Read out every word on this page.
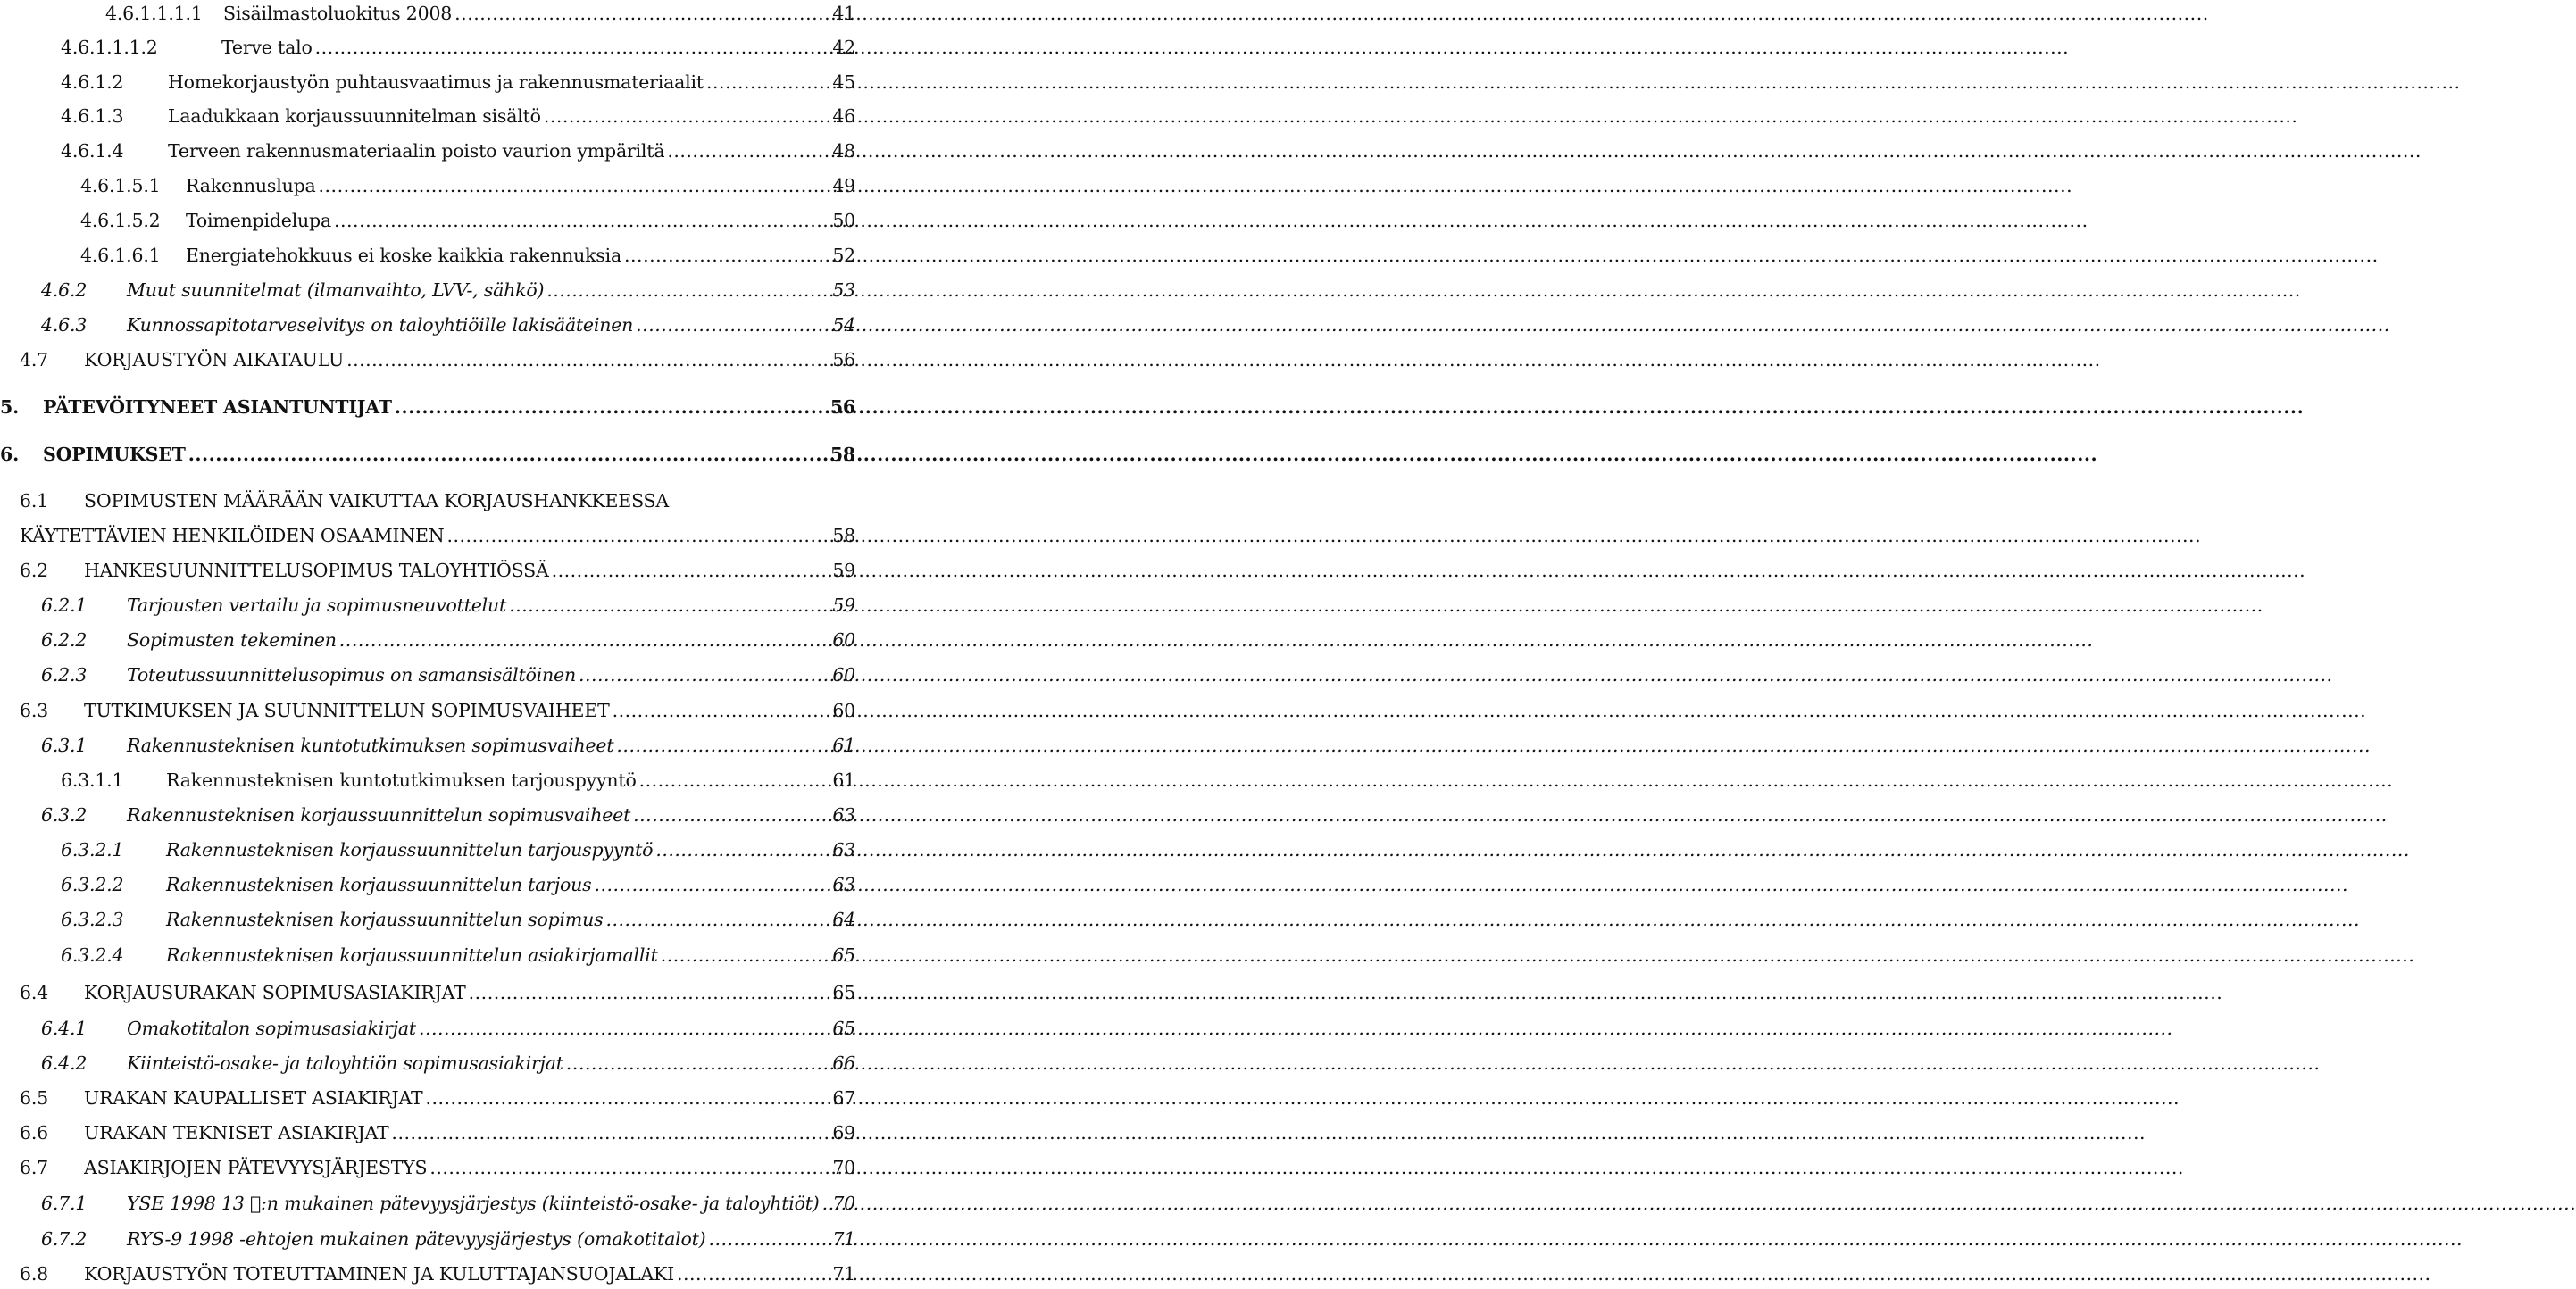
4.6.1.1.1.1	Sisäilmastoluokitus 2008 .....	41
4.6.1.1.1.2	Terve talo .....	42
4.6.1.2	Homekorjaustyön puhtausvaatimus ja rakennusmateriaalit .....	45
4.6.1.3	Laadukkaan korjaussuunnitelman sisältö .....	46
4.6.1.4	Terveen rakennusmateriaalin poisto vaurion ympäriltä .....	48
4.6.1.5.1	Rakennuslupa .....	49
4.6.1.5.2	Toimenpidelupa .....	50
4.6.1.6.1	Energiatehokkuus ei koske kaikkia rakennuksia .....	52
4.6.2	Muut suunnitelmat (ilmanvaihto, LVV-, sähkö) .....	53
4.6.3	Kunnossapitotarveselvitys on taloyhtiöille lakisääteinen .....	54
4.7	KORJAUSTYÖN AIKATAULU .....	56
5.	PÄTEVÖITYNEET ASIANTUNTIJAT .....	56
6.	SOPIMUKSET .....	58
6.1 SOPIMUSTEN MÄÄRÄÄN VAIKUTTAA KORJAUSHANKKEESSA
KÄYTETTÄVIEN HENKILÖIDEN OSAAMINEN .....	58
6.2	HANKESUUNNITTELUSOPIMUS TALOYHTIÖSSÄ .....	59
6.2.1	Tarjousten vertailu ja sopimusneuvottelut .....	59
6.2.2	Sopimusten tekeminen .....	60
6.2.3	Toteutussuunnittelusopimus on samansisältöinen .....	60
6.3	TUTKIMUKSEN JA SUUNNITTELUN SOPIMUSVAIHEET .....	60
6.3.1	Rakennusteknisen kuntotutkimuksen sopimusvaiheet .....	61
6.3.1.1	Rakennusteknisen kuntotutkimuksen tarjouspyyntö .....	61
6.3.2	Rakennusteknisen korjaussuunnittelun sopimusvaiheet .....	63
6.3.2.1	Rakennusteknisen korjaussuunnittelun tarjouspyyntö .....	63
6.3.2.2	Rakennusteknisen korjaussuunnittelun tarjous .....	63
6.3.2.3	Rakennusteknisen korjaussuunnittelun sopimus .....	64
6.3.2.4	Rakennusteknisen korjaussuunnittelun asiakirjamallit .....	65
6.4	KORJAUSURAKAN SOPIMUSASIAKIRJAT .....	65
6.4.1	Omakotitalon sopimusasiakirjat .....	65
6.4.2	Kiinteistö-osake- ja taloyhtiön sopimusasiakirjat .....	66
6.5	URAKAN KAUPALLISET ASIAKIRJAT .....	67
6.6	URAKAN TEKNISET ASIAKIRJAT .....	69
6.7	ASIAKIRJOJEN PÄTEVYYSJÄRJESTYS .....	70
6.7.1	YSE 1998 13 :n mukainen pätevyysjärjestys (kiinteistö-osake- ja taloyhtiöt) ..... 70
6.7.2	RYS-9 1998 -ehtojen mukainen pätevyysjärjestys (omakotitalot) .....	71
6.8	KORJAUSTYÖN TOTEUTTAMINEN JA KULUTTAJANSUOJALAKI .....	71
